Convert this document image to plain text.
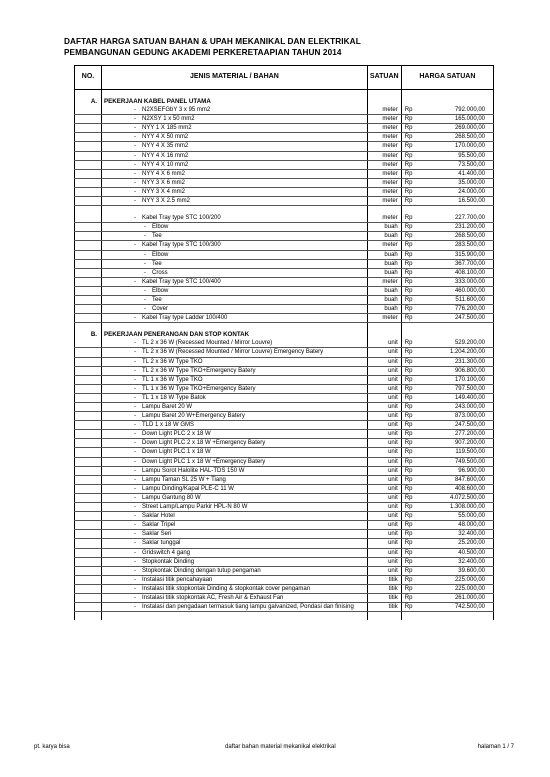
DAFTAR HARGA SATUAN BAHAN & UPAH MEKANIKAL DAN ELEKTRIKAL
PEMBANGUNAN GEDUNG AKADEMI PERKERETAAPIAN TAHUN 2014
NO.	JENIS MATERIAL / BAHAN	SATUAN	HARGA SATUAN	

A.	PEKERJAAN KABEL PANEL UTAMA			
	- N2XSEFGbY 3 x 95 mm2	meter	Rp	792.000,00
	- N2XSY 1 x 50 mm2	meter	Rp	165.000,00
	- NYY 1 X 185 mm2	meter	Rp	269.000,00
	- NYY 4 X 50 mm2	meter	Rp	268.500,00
	- NYY 4 X 35 mm2	meter	Rp	170.000,00
	- NYY 4 X 16 mm2	meter	Rp	95.500,00
	- NYY 4 X 10 mm2	meter	Rp	73.500,00
	- NYY 4 X 6 mm2	meter	Rp	41.400,00
	- NYY 3 X 6 mm2	meter	Rp	35.000,00
	- NYY 3 X 4 mm2	meter	Rp	24.000,00
	- NYY 3 X 2.5 mm2	meter	Rp	16.500,00

	- Kabel Tray type STC 100/200	meter	Rp	227.700,00
	- Elbow	buah	Rp	231.200,00
	- Tee	buah	Rp	268.500,00
	- Kabel Tray type STC 100/300	meter	Rp	283.500,00
	- Elbow	buah	Rp	315.900,00
	- Tee	buah	Rp	367.700,00
	- Cross	buah	Rp	408.100,00
	- Kabel Tray type STC 100/400	meter	Rp	333.000,00
	- Elbow	buah	Rp	460.000,00
	- Tee	buah	Rp	511.600,00
	- Cover	buah	Rp	776.200,00
	- Kabel Tray type Ladder 100/400	meter	Rp	247.500,00

B.	PEKERJAAN PENERANGAN DAN STOP KONTAK			
	- TL 2 x 36 W (Recessed Mounted / Mirror Louvre)	unit	Rp	529.200,00
	- TL 2 x 36 W (Recessed Mounted / Mirror Louvre) Emergency Batery	unit	Rp	1.204.200,00
	- TL 2 x 36 W Type TKO	unit	Rp	231.300,00
	- TL 2 x 36 W Type TKO+Emergency Batery	unit	Rp	906.800,00
	- TL 1 x 36 W Type TKO	unit	Rp	170.100,00
	- TL 1 x 36 W Type TKO+Emergency Batery	unit	Rp	797.500,00
	- TL 1 x 18 W Type Batok	unit	Rp	149.400,00
	- Lampu Baret 20 W	unit	Rp	243.000,00
	- Lampu Baret 20 W+Emergency Batery	unit	Rp	873.000,00
	- TLD 1 x 18 W GMS	unit	Rp	247.500,00
	- Down Light PLC 2 x 18 W	unit	Rp	277.200,00
	- Down Light PLC 2 x 18 W +Emergency Batery	unit	Rp	907.200,00
	- Down Light PLC 1 x 18 W	unit	Rp	119.500,00
	- Down Light PLC 1 x 18 W +Emergency Batery	unit	Rp	749.500,00
	- Lampu Sorot Halolite HAL-TDS 150 W	unit	Rp	96.900,00
	- Lampu Taman SL 25 W + Tiang	unit	Rp	847.600,00
	- Lampu Dinding/Kapal PLE-C 11 W	unit	Rp	408.600,00
	- Lampu Gantung 80 W	unit	Rp	4.072.500,00
	- Street Lamp/Lampu Parkir HPL-N 80 W	unit	Rp	1.308.000,00
	- Saklar Hotel	unit	Rp	55.000,00
	- Saklar Tripel	unit	Rp	48.000,00
	- Saklar Seri	unit	Rp	32.400,00
	- Saklar tunggal	unit	Rp	25.200,00
	- Gridswitch 4 gang	unit	Rp	40.500,00
	- Stopkontak Dinding	unit	Rp	32.400,00
	- Stopkontak Dinding dengan tutup pengaman	unit	Rp	39.600,00
	- Instalasi titik pencahayaan	titik	Rp	225.000,00
	- Instalasi titik stopkontak Dinding & stopkontak cover pengaman	titik	Rp	225.000,00
	- Instalasi titik stopkontak AC, Fresh Air & Exhaust Fan	titik	Rp	261.000,00
	- Instalasi dan pengadaan termasuk tiang lampu galvanized, Pondasi dan finising	titik	Rp	742.500,00

pt. karya bisa	daftar bahan material mekanikal elektrikal	halaman 1 / 7
